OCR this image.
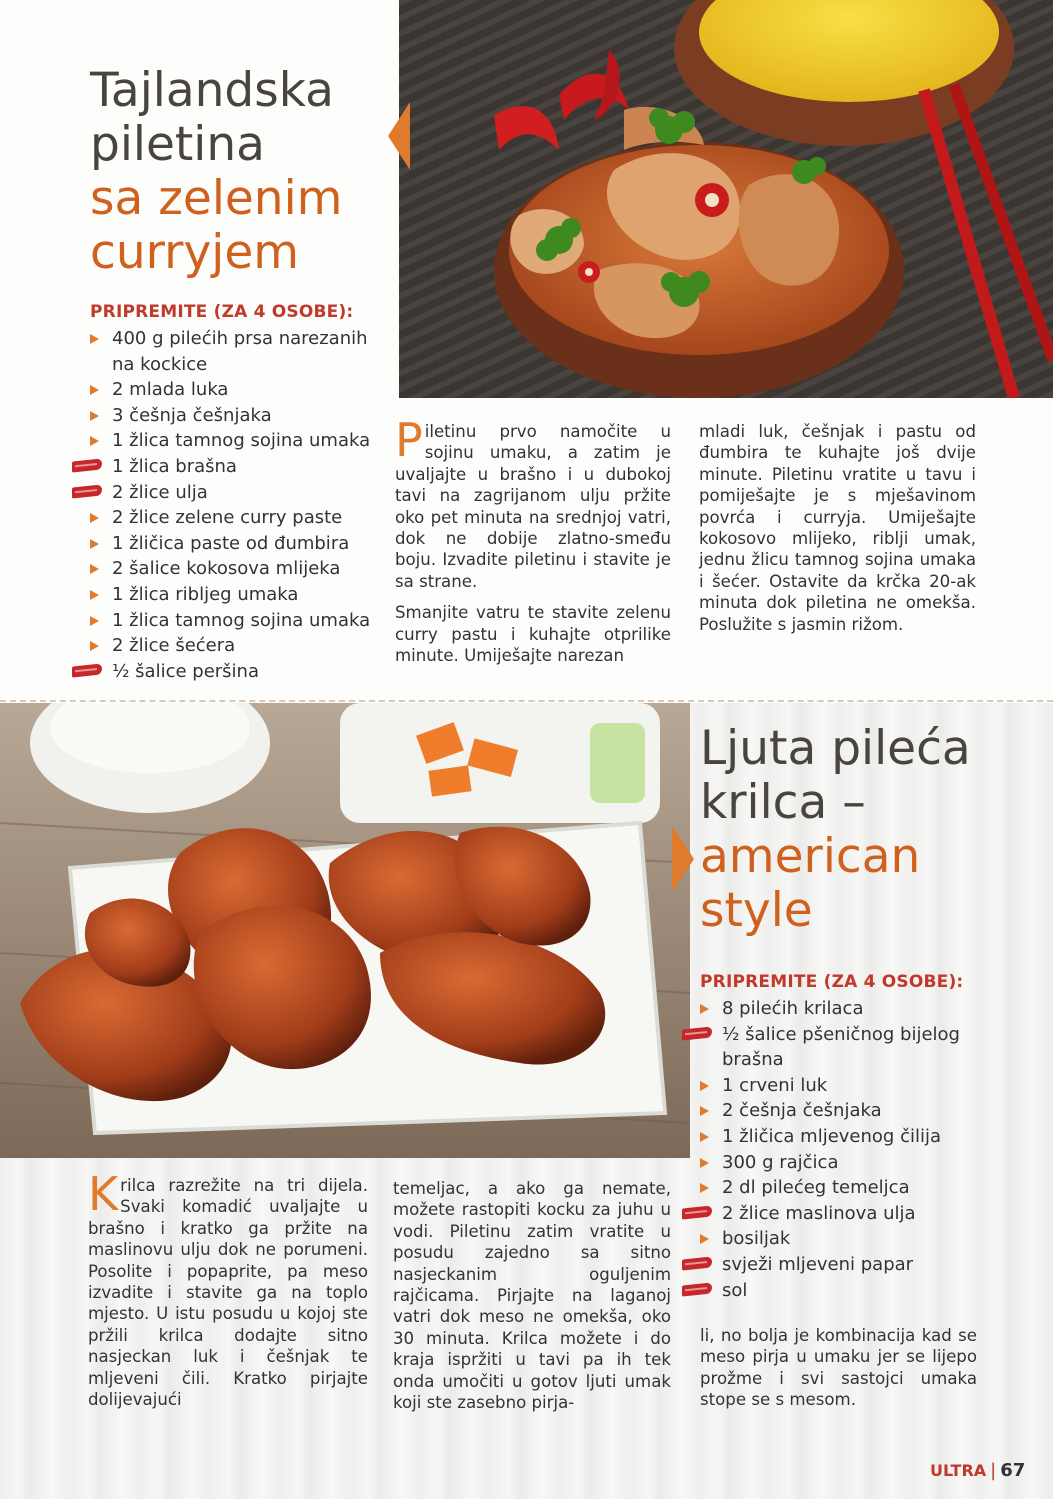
Tajlandska
piletina
sa zelenim
curryjem
PRIPREMITE (ZA 4 OSOBE):
400 g pilećih prsa narezanih
na kockice
2 mlada luka
3 češnja češnjaka
1 žlica tamnog sojina umaka
1 žlica brašna
2 žlice ulja
2 žlice zelene curry paste
1 žličica paste od đumbira
2 šalice kokosova mlijeka
1 žlica ribljeg umaka
1 žlica tamnog sojina umaka
2 žlice šećera
½ šalice peršina

Piletinu prvo namočite u sojinu umaku, a zatim je uvaljajte u brašno i u dubokoj tavi na zagrijanom ulju pržite oko pet minuta na srednjoj vatri, dok ne dobije zlatno-smeđu boju. Izvadite piletinu i stavite je sa strane.

Smanjite vatru te stavite zelenu curry pastu i kuhajte otprilike minute. Umiješajte narezan

mladi luk, češnjak i pastu od đumbira te kuhajte još dvije minute. Piletinu vratite u tavu i pomiješajte je s mješavinom povrća i curryja. Umiješajte kokosovo mlijeko, riblji umak, jednu žlicu tamnog sojina umaka i šećer. Ostavite da krčka 20-ak minuta dok piletina ne omekša. Poslužite s jasmin rižom.
Ljuta pileća
krilca –
american
style
PRIPREMITE (ZA 4 OSOBE):
8 pilećih krilaca
½ šalice pšeničnog bijelog
brašna
1 crveni luk
2 češnja češnjaka
1 žličica mljevenog čilija
300 g rajčica
2 dl pilećeg temeljca
2 žlice maslinova ulja
bosiljak
svježi mljeveni papar
sol

Krilca razrežite na tri dijela. Svaki komadić uvaljajte u brašno i kratko ga pržite na maslinovu ulju dok ne porumeni. Posolite i popaprite, pa meso izvadite i stavite ga na toplo mjesto. U istu posudu u kojoj ste pržili krilca dodajte sitno nasjeckan luk i češnjak te mljeveni čili. Kratko pirjajte dolijevajući

temeljac, a ako ga nemate, možete rastopiti kocku za juhu u vodi. Piletinu zatim vratite u posudu zajedno sa sitno nasjeckanim oguljenim rajčicama. Pirjajte na laganoj vatri dok meso ne omekša, oko 30 minuta. Krilca možete i do kraja ispržiti u tavi pa ih tek onda umočiti u gotov ljuti umak koji ste zasebno pirja-
li, no bolja je kombinacija kad se meso pirja u umaku jer se lijepo prožme i svi sastojci umaka stope se s mesom.
ULTRA | 67
